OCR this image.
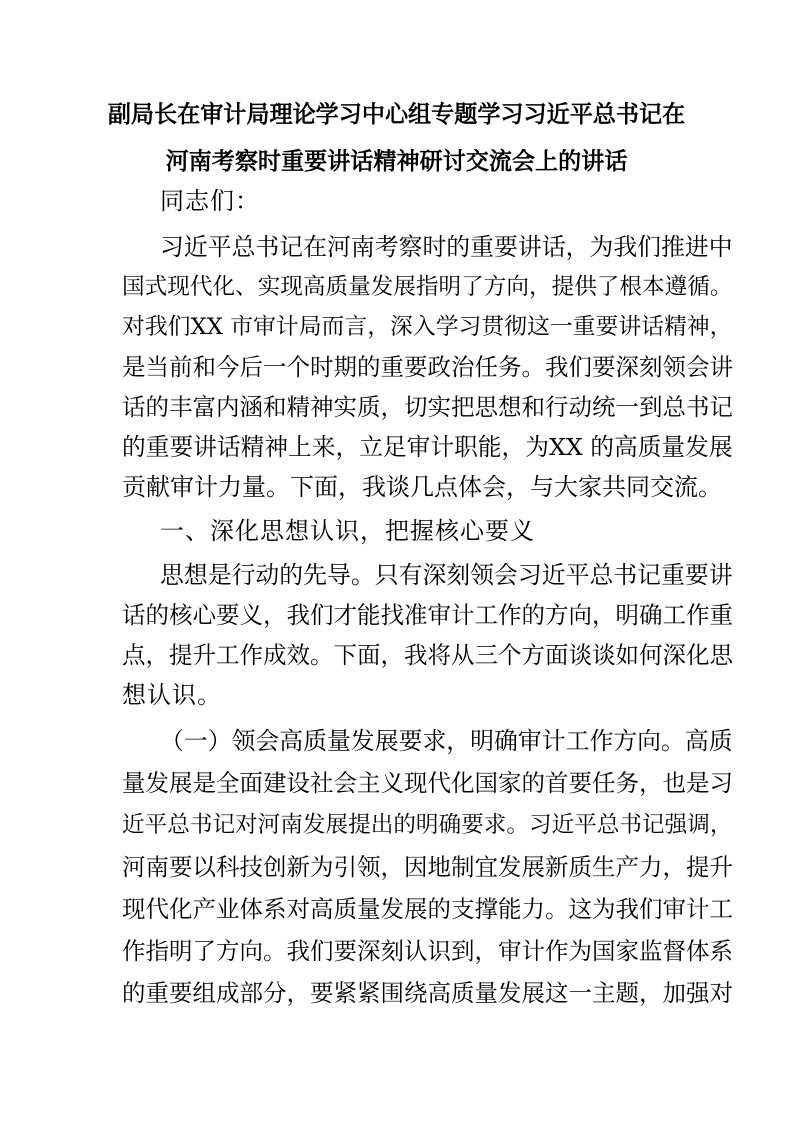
副局长在审计局理论学习中心组专题学习习近平总书记在
河南考察时重要讲话精神研讨交流会上的讲话
同志们：
习近平总书记在河南考察时的重要讲话，为我们推进中
国式现代化、实现高质量发展指明了方向，提供了根本遵循。
对我们XX 市审计局而言，深入学习贯彻这一重要讲话精神，
是当前和今后一个时期的重要政治任务。我们要深刻领会讲
话的丰富内涵和精神实质，切实把思想和行动统一到总书记
的重要讲话精神上来，立足审计职能，为XX 的高质量发展
贡献审计力量。下面，我谈几点体会，与大家共同交流。
一、深化思想认识，把握核心要义
思想是行动的先导。只有深刻领会习近平总书记重要讲
话的核心要义，我们才能找准审计工作的方向，明确工作重
点，提升工作成效。下面，我将从三个方面谈谈如何深化思
想认识。
（一）领会高质量发展要求，明确审计工作方向。高质
量发展是全面建设社会主义现代化国家的首要任务，也是习
近平总书记对河南发展提出的明确要求。习近平总书记强调，
河南要以科技创新为引领，因地制宜发展新质生产力，提升
现代化产业体系对高质量发展的支撑能力。这为我们审计工
作指明了方向。我们要深刻认识到，审计作为国家监督体系
的重要组成部分，要紧紧围绕高质量发展这一主题，加强对
